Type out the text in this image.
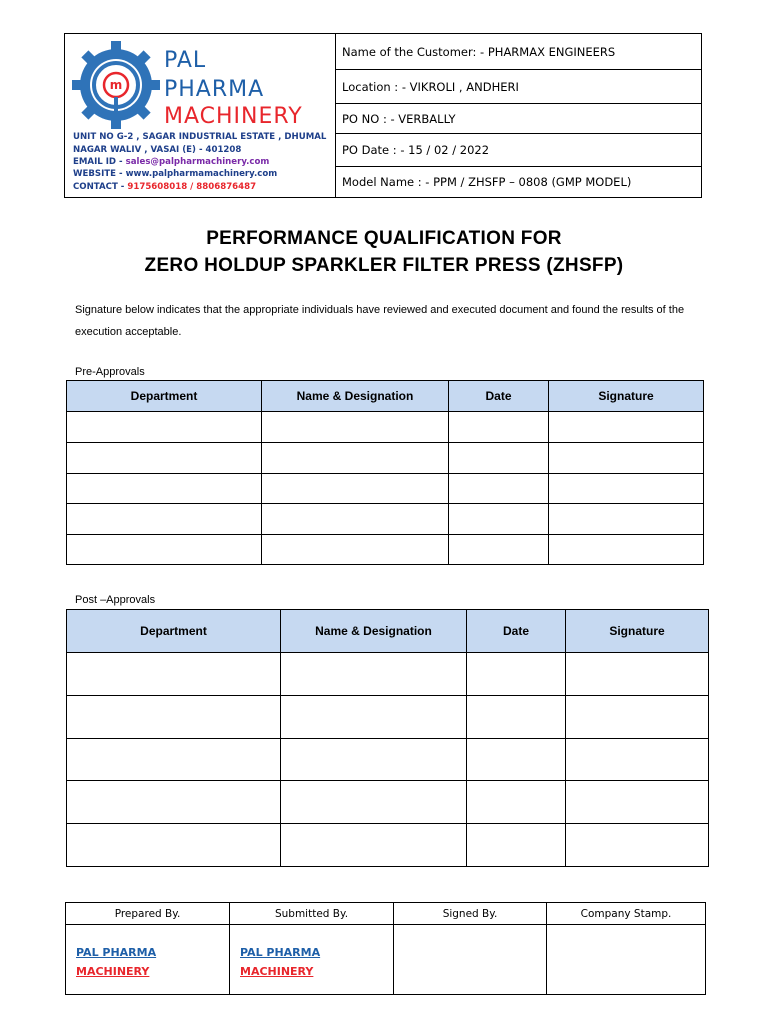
m
PAL
PHARMA
MACHINERY
UNIT NO G-2 , SAGAR INDUSTRIAL ESTATE , DHUMAL
NAGAR WALIV , VASAI (E) - 401208
EMAIL ID - sales@palpharmachinery.com
WEBSITE - www.palpharmamachinery.com
CONTACT - 9175608018 / 8806876487
Name of the Customer: -
PHARMAX ENGINEERS
Location : -
VIKROLI , ANDHERI
PO NO : -
VERBALLY
PO Date : -
15 / 02 / 2022
Model Name : -
PPM / ZHSFP – 0808 (GMP MODEL)
PERFORMANCE QUALIFICATION FOR
ZERO HOLDUP SPARKLER FILTER PRESS (ZHSFP)
Signature below indicates that the appropriate individuals have reviewed and executed document and found the results of the execution acceptable.
Pre-Approvals
Department	Name & Designation	Date	Signature

Post –Approvals
Department	Name & Designation	Date	Signature

Prepared By.	Submitted By.	Signed By.	Company Stamp.
PAL PHARMA MACHINERY	PAL PHARMA MACHINERY		
